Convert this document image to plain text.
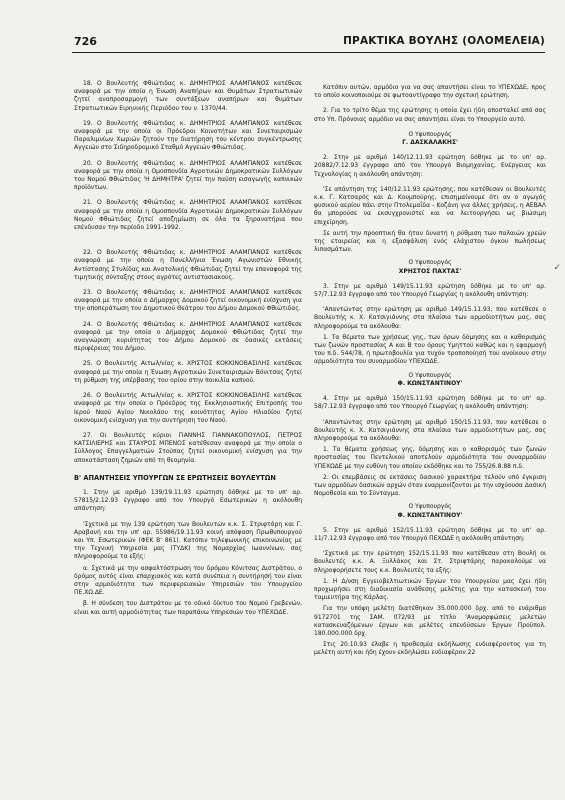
726	ΠΡΑΚΤΙΚΑ ΒΟΥΛΗΣ (ΟΛΟΜΕΛΕΙΑ)

18. Ο Βουλευτής Φθιώτιδας κ. ΔΗΜΗΤΡΙΟΣ ΑΛΑΜΠΑΝΟΣ κατέθεσε αναφορά με την οποία η Ένωση Αναπήρων και Θυμάτων Στρατιωτικών ζητεί αναπροσαρμογή των συντάξεων αναπήρων και θυμάτων Στρατιωτικών Ειρηνικής Περιόδου του ν. 1370/44.

19. Ο Βουλευτής Φθιώτιδας κ. ΔΗΜΗΤΡΙΟΣ ΑΛΑΜΠΑΝΟΣ κατέθεσε αναφορά με την οποία οι Πρόεδροι Κοινοτήτων και Συνεταιρισμών Παραλιμνίων Χωριών ζητούν την διατήρηση του κέντρου συγκέντρωσης Αγγειών στο Σιδηροδρομικό Σταθμό Αγγειών Φθιώτιδας.

20. Ο Βουλευτής Φθιώτιδας κ. ΔΗΜΗΤΡΙΟΣ ΑΛΑΜΠΑΝΟΣ κατέθεσε αναφορά με την οποία η Ομοσπονδία Αγροτικών Δημοκρατικών Συλλόγων του Νομού Φθιώτιδας 'Η ΔΗΜΗΤΡΑ' ζητεί την παύση εισαγωγής καπνικών προϊόντων.

21. Ο Βουλευτής Φθιώτιδας κ. ΔΗΜΗΤΡΙΟΣ ΑΛΑΜΠΑΝΟΣ κατέθεσε αναφορά με την οποία η Ομοσπονδία Αγροτικών Δημοκρατικών Συλλόγων Νομού Φθιώτιδας ζητεί αποζημίωση σε όλα τα ξηρανατήρια που επένδυσαν την περίοδο 1991-1992.

22. Ο Βουλευτής Φθιώτιδας κ. ΔΗΜΗΤΡΙΟΣ ΑΛΑΜΠΑΝΟΣ κατέθεσε αναφορά με την οποία η Πανελλήνια Ένωση Αγωνιστών Εθνικής Αντίστασης Στυλίδας και Ανατολικής Φθιώτιδας ζητεί την επαναφορά της τιμητικής σύνταξης στους αγρότες αντιστασιακούς.

23. Ο Βουλευτής Φθιώτιδας κ. ΔΗΜΗΤΡΙΟΣ ΑΛΑΜΠΑΝΟΣ κατέθεσε αναφορά με την οποία ο Δήμαρχος Δομοκού ζητεί οικονομική ενίσχυση για την αποπεράτωση του Δημοτικού Θεάτρου του Δήμου Δομοκού Φθιώτιδας.

24. Ο Βουλευτής Φθιώτιδας κ. ΔΗΜΗΤΡΙΟΣ ΑΛΑΜΠΑΝΟΣ κατέθεσε αναφορά με την οποία ο Δήμαρχος Δομοκού Φθιώτιδας ζητεί την αναγνώριση κυριότητας του Δήμου Δομοκού σε δασικές εκτάσεις περιφέρειας του Δήμου.

25. Ο Βουλευτής Αιτωλ/νίας κ. ΧΡΙΣΤΟΣ ΚΟΚΚΙΝΟΒΑΣΙΛΗΣ κατέθεσε αναφορά με την οποία η Ένωση Αγροτικών Συνεταιρισμών Βόνιτσας ζητεί τη ρύθμιση της υπέρβασης του ορίου στην ποικιλία καπνού.

26. Ο Βουλευτής Αιτωλ/νίας κ. ΧΡΙΣΤΟΣ ΚΟΚΚΙΝΟΒΑΣΙΛΗΣ κατέθεσε αναφορά με την οποία ο Πρόεδρος της Εκκλησιαστικής Επιτροπής του Ιερού Ναού Αγίου Νικολάου της κοινότητας Αγίου Ηλιαδίου ζητεί οικονομική ενίσχυση για την συντήρηση του Ναού.

27. Οι Βουλευτές κύριοι ΓΙΑΝΝΗΣ ΓΙΑΝΝΑΚΟΠΟΥΛΟΣ, ΠΕΤΡΟΣ ΚΑΤΣΙΛΙΕΡΗΣ και ΣΤΑΥΡΟΣ ΜΠΕΝΟΣ κατέθεσαν αναφορά με την οποία ο Σύλλογος Επαγγελματιών Στούπας ζητεί οικονομική ενίσχυση για την αποκατάσταση ζημιών από τη θεομηνία.

Β' ΑΠΑΝΤΗΣΕΙΣ ΥΠΟΥΡΓΩΝ ΣΕ ΕΡΩΤΗΣΕΙΣ ΒΟΥΛΕΥΤΩΝ

1. Στην με αριθμό 139/19.11.93 ερώτηση δόθηκε με το υπ' αρ. 57815/2.12.93 έγγραφο από τον Υπουργό Εσωτερικών η ακόλουθη απάντηση:

'Σχετικά με την 139 ερώτηση των Βουλευτών κ.κ. Σ. Στριφτάρη και Γ. Αραβανή και την υπ' αρ. 55986/19.11.93 κοινή απόφαση Πρωθυπουργού και Υπ. Εσωτερικών (ΦΕΚ Β' 861). Κατόπιν τηλεφωνικής επικοινωνίας με την Τεχνική Υπηρεσία μας (ΤΥΔΚ) της Νομαρχίας Ιωαννίνων, σας πληροφορούμε τα εξής:

α. Σχετικά με την ασφαλτόστρωση του δρόμου Κόνιτσας Διστράτου, ο δρόμος αυτός είναι επαρχιακός και κατά συνέπεια η συντήρησή του είναι στην αρμοδιότητα των περιφερειακών Υπηρεσιών του Υπουργείου ΠΕ.ΧΩ.ΔΕ.

β. Η σύνδεση του Διστράτου με το οδικό δίκτυο του Νομού Γρεβενών, είναι και αυτή αρμοδιότητας των παραπάνω Υπηρεσιών του ΥΠΕΧΩΔΕ.

Κατόπιν αυτών, αρμόδιο για να σας απαντήσει είναι το ΥΠΕΧΩΔΕ, προς το οποίο κοινοποιούμε σε φωτοαντίγραφο την σχετική ερώτηση.

2. Για το τρίτο θέμα της ερώτησης η οποία έχει ήδη αποσταλεί από σας στο Υπ. Πρόνοιας αρμόδιο να σας απαντήσει είναι το Υπουργείο αυτό.

Ο Υφυπουργός
Γ. ΔΑΣΚΑΛΑΚΗΣ'

2. Στην με αριθμό 140/12.11.93 ερώτηση δόθηκε με το υπ' αρ. 20882/7.12.93 έγγραφο από τον Υπουργό Βιομηχανίας, Ενέργειας και Τεχνολογίας η ακόλουθη απάντηση:

'Σε απάντηση της 140/12.11.93 ερώτησης, που κατέθεσαν οι Βουλευτές κ.κ. Γ. Κατσαρός και Δ. Κουμπούρης, επισημαίνουμε ότι αν ο αγωγός φυσικού αερίου πάει στην Πτολεμαΐδα - Κοζάνη για άλλες χρήσεις, η ΑΕΒΑΛ θα μπορούσε να εκσυγχρονιστεί και να λειτουργήσει ως βιώσιμη επιχείρηση.

Σε αυτή την προοπτική θα ήταν δυνατή η ρύθμιση των παλαιών χρεών της εταιρείας και η εξασφάλιση ενός ελάχιστου όγκου πωλήσεως λιπασμάτων.

Ο Υφυπουργός
ΧΡΗΣΤΟΣ ΠΑΧΤΑΣ'

3. Στην με αριθμό 149/15.11.93 ερώτηση δόθηκε με το υπ' αρ. 57/7.12.93 έγγραφο από τον Υπουργό Γεωργίας η ακόλουθη απάντηση:

'Απαντώντας στην ερώτηση με αριθμό 149/15.11.93, που κατέθεσε ο Βουλευτής κ. Χ. Κατσιγιάννης στα πλαίσια των αρμοδιοτήτων μας, σας πληροφορούμε τα ακόλουθα:

1. Τα θέματα των χρήσεως γης, των όρων δόμησης και ο καθορισμός των ζωνών προστασίας Α και Β του όρους Υμηττού καθώς και η εφαρμογή του π.δ. 544/78, ή πρωτοβουλία για τυχόν τροποποίησή του ανοίκουν στην αρμοδιότητα του συναρμοδίου ΥΠΕΧΩΔΕ.

Ο Υφυπουργός
Φ. ΚΩΝΣΤΑΝΤΙΝΟΥ'

4. Στην με αριθμό 150/15.11.93 ερώτηση δόθηκε με το υπ' αρ. 58/7.12.93 έγγραφο από τον Υπουργό Γεωργίας η ακόλουθη απάντηση:

'Απαντώντας στην ερώτηση με αριθμό 150/15.11.93, που κατέθεσε ο Βουλευτής κ. Χ. Κατσιγιάννης στα πλαίσια των αρμοδιοτήτων μας, σας πληροφορούμε τα ακόλουθα:

1. Τα θέματα χρήσεως γης, δόμησης και ο καθορισμός των ζωνών προστασίας του Πεντελικού αποτελούν αρμοδιότητα του συναρμοδίου ΥΠΕΧΩΔΕ με την ευθύνη του οποίου εκδόθηκε και το 755/26.8.88 π.δ.

2. Οι επεμβάσεις σε εκτάσεις δασικού χαρακτήρα τελούν υπό έγκριση των αρμοδίων δασικών αρχών όταν εναρμονίζονται με την ισχύουσα Δασική Νομοθεσία και το Σύνταγμα.

Ο Υφυπουργός
Φ. ΚΩΝΣΤΑΝΤΙΝΟΥ'

5. Στην με αριθμό 152/15.11.93 ερώτηση δόθηκε με το υπ' αρ. 11/7.12.93 έγγραφο από τον Υπουργό ΠΕΧΩΔΕ η ακόλουθη απάντηση:

'Σχετικά με την ερώτηση 152/15.11.93 που κατέθεσαν στη Βουλή οι Βουλευτές κ.κ. Α. Ξυλλάκος και Στ. Στριφτάρης παρακαλούμε να πληροφορήσετε τους κ.κ. Βουλευτές τα εξής:

1. Η Δ/νση Εγγειοβελτιωτικών Έργων του Υπουργείου μας έχει ήδη προχωρήσει στη διαδικασία ανάθεσης μελέτης για την κατασκευή του ταμιευτήρα της Κάρλας.

Για την υπόψη μελέτη διατέθηκαν 35.000.000 δρχ. από το ενάριθμο 9172701 της ΣΑΜ. 072/93 με τίτλο 'Αναμορφώσεις μελετών κατασκευαζόμενων έργων και μελέτες επενδύσεων Έργων Προϋπολ. 180.000.000 δρχ.

Στις 20.10.93 έλαβε η προθεσμία εκδήλωσης ενδιαφέροντος για τη μελέτη αυτή και ήδη έχουν εκδηλώσει ενδιαφέρον 22

✓
